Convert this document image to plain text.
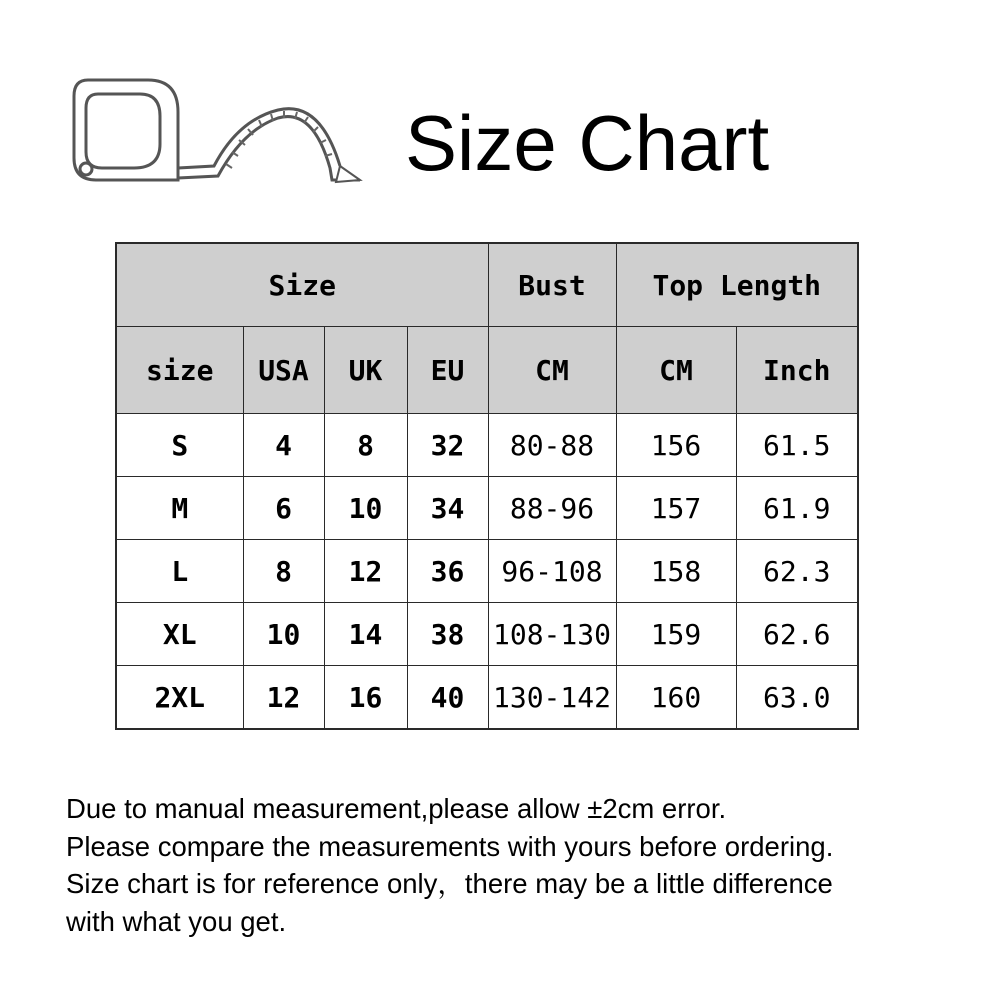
Size Chart
Size				Bust	Top Length	
size	USA	UK	EU	CM	CM	Inch
S	4	8	32	80-88	156	61.5
M	6	10	34	88-96	157	61.9
L	8	12	36	96-108	158	62.3
XL	10	14	38	108-130	159	62.6
2XL	12	16	40	130-142	160	63.0

Due to manual measurement,please allow ±2cm error.

Please compare the measurements with yours before ordering.

Size chart is for reference only，there may be a little difference

with what you get.
